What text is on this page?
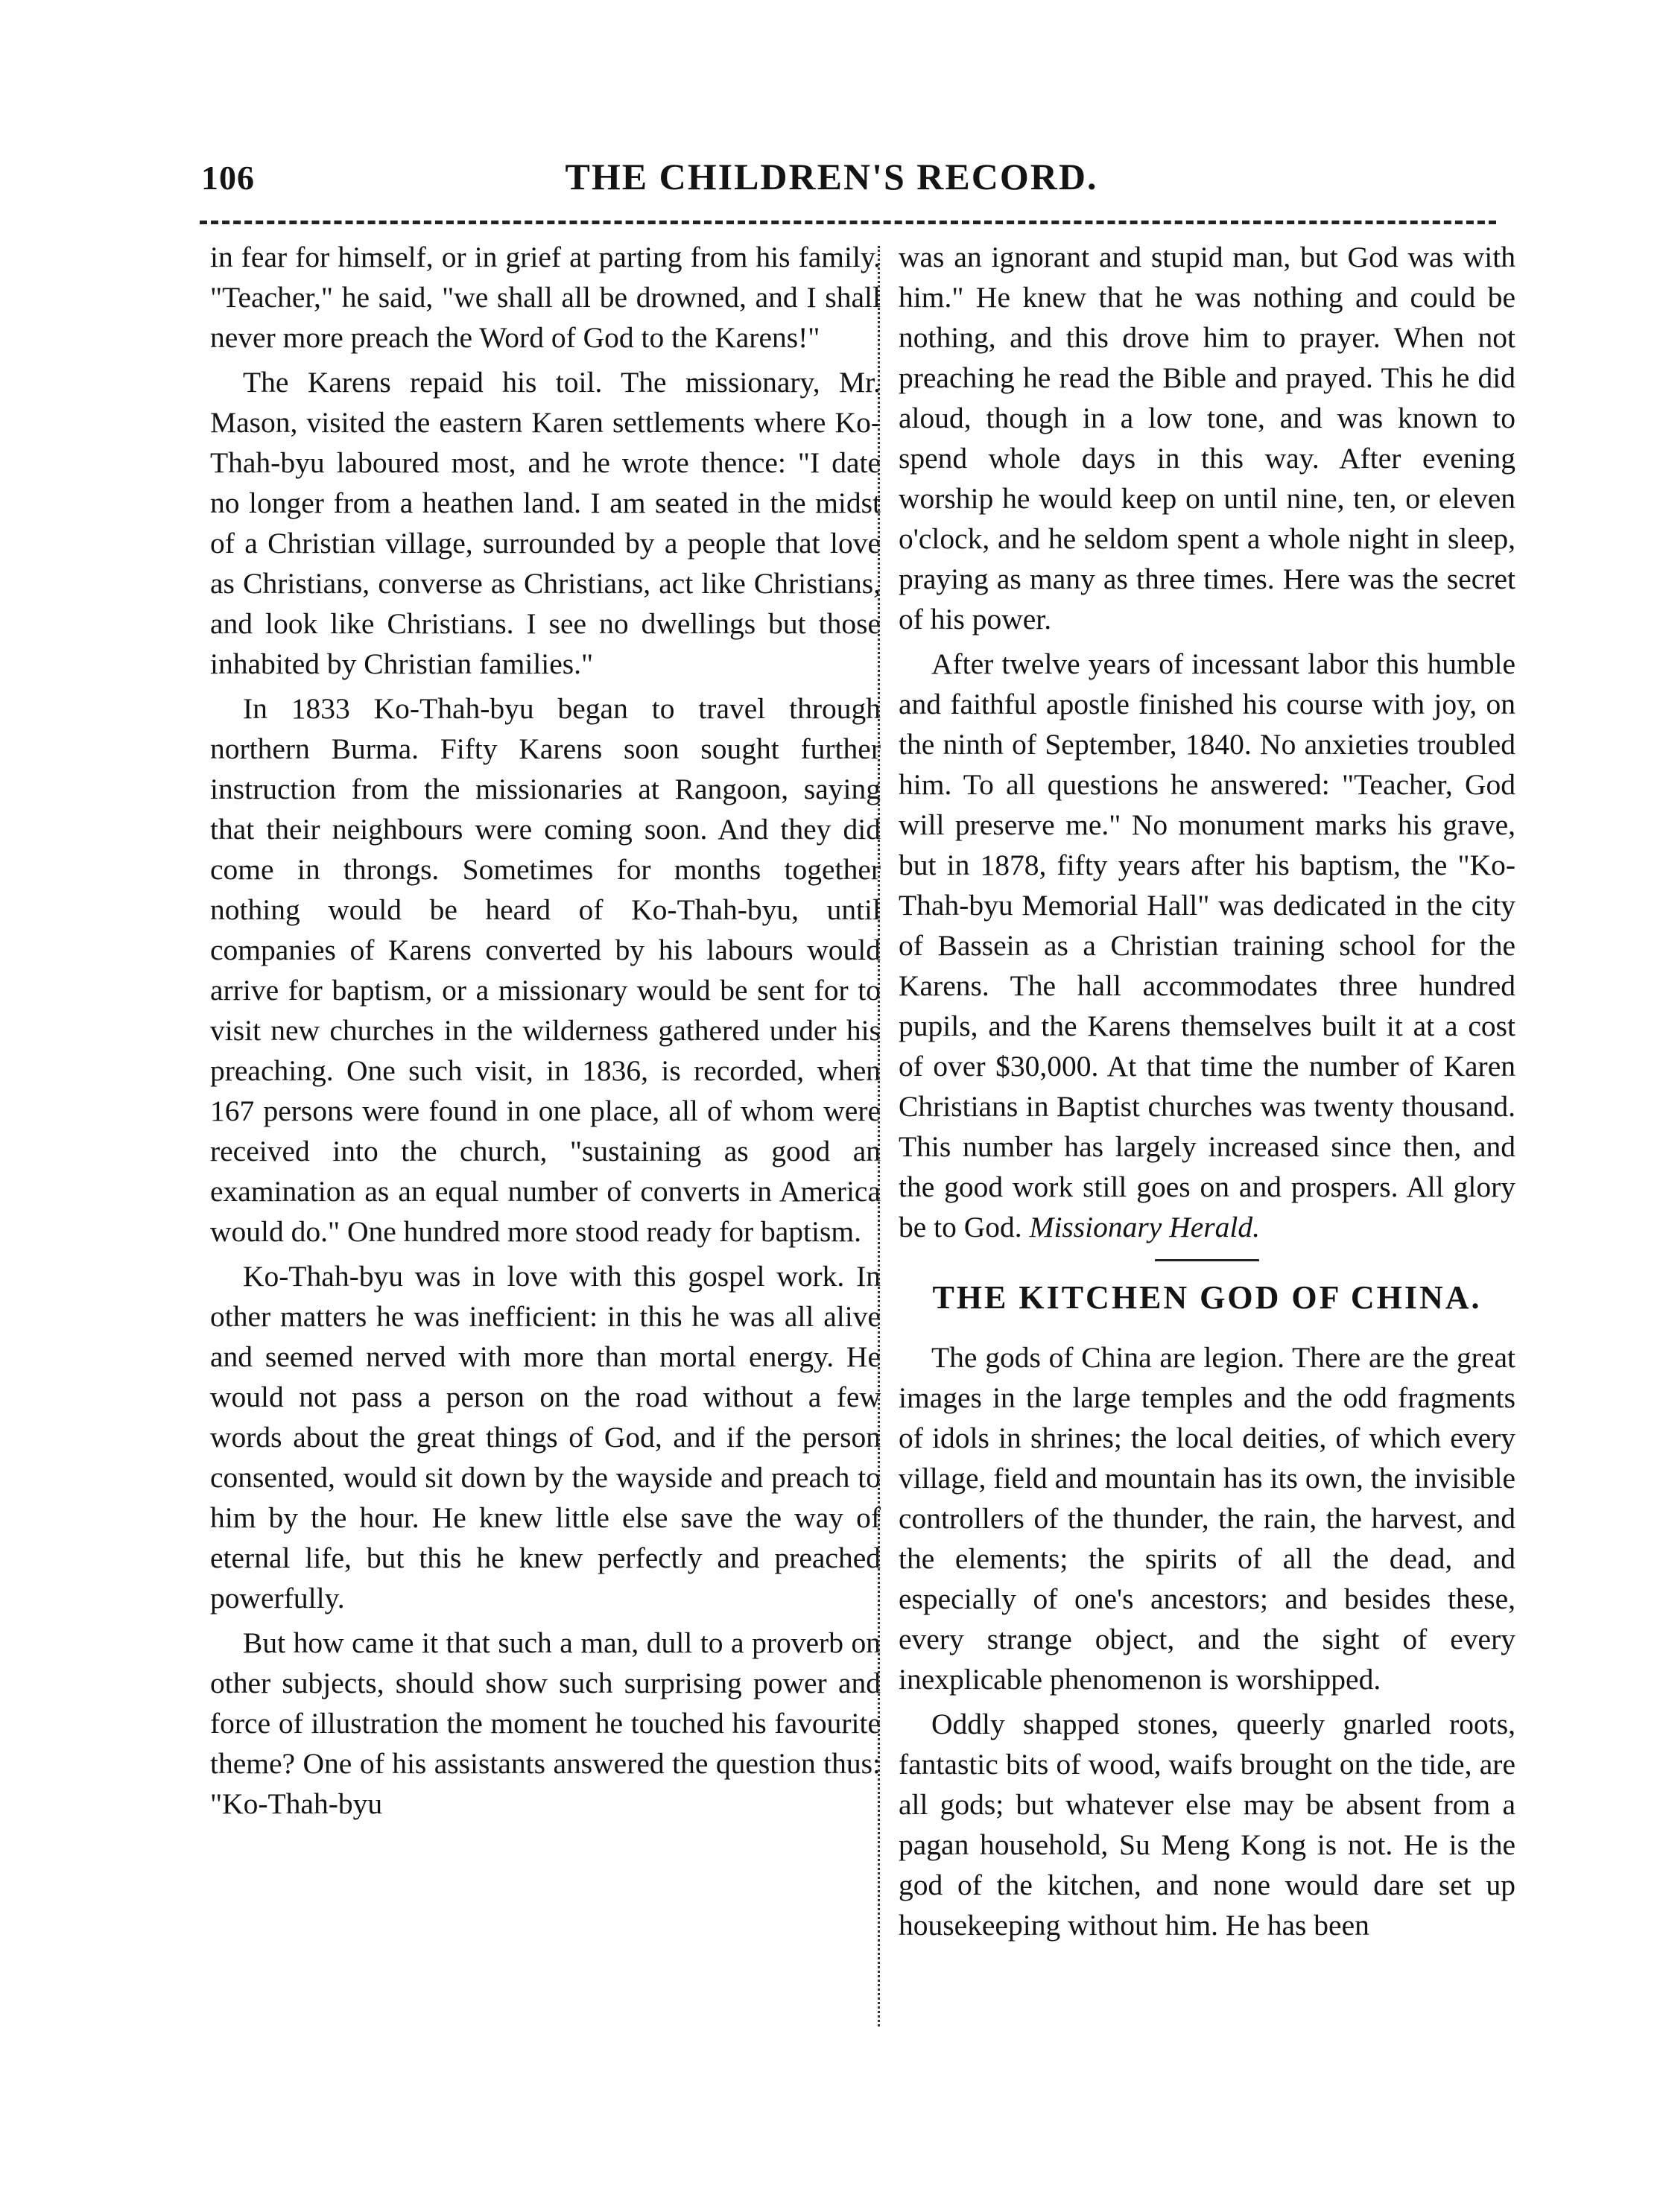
106	THE CHILDREN'S RECORD.

in fear for himself, or in grief at parting from his family. "Teacher," he said, "we shall all be drowned, and I shall never more preach the Word of God to the Karens!"

The Karens repaid his toil. The missionary, Mr. Mason, visited the eastern Karen settlements where Ko-Thah-byu laboured most, and he wrote thence: "I date no longer from a heathen land. I am seated in the midst of a Christian village, surrounded by a people that love as Christians, converse as Christians, act like Christians, and look like Christians. I see no dwellings but those inhabited by Christian families."

In 1833 Ko-Thah-byu began to travel through northern Burma. Fifty Karens soon sought further instruction from the missionaries at Rangoon, saying that their neighbours were coming soon. And they did come in throngs. Sometimes for months together nothing would be heard of Ko-Thah-byu, until companies of Karens converted by his labours would arrive for baptism, or a missionary would be sent for to visit new churches in the wilderness gathered under his preaching. One such visit, in 1836, is recorded, when 167 persons were found in one place, all of whom were received into the church, "sustaining as good an examination as an equal number of converts in America would do." One hundred more stood ready for baptism.

Ko-Thah-byu was in love with this gospel work. In other matters he was inefficient: in this he was all alive and seemed nerved with more than mortal energy. He would not pass a person on the road without a few words about the great things of God, and if the person consented, would sit down by the wayside and preach to him by the hour. He knew little else save the way of eternal life, but this he knew perfectly and preached powerfully.

But how came it that such a man, dull to a proverb on other subjects, should show such surprising power and force of illustration the moment he touched his favourite theme? One of his assistants answered the question thus: "Ko-Thah-byu

was an ignorant and stupid man, but God was with him." He knew that he was nothing and could be nothing, and this drove him to prayer. When not preaching he read the Bible and prayed. This he did aloud, though in a low tone, and was known to spend whole days in this way. After evening worship he would keep on until nine, ten, or eleven o'clock, and he seldom spent a whole night in sleep, praying as many as three times. Here was the secret of his power.

After twelve years of incessant labor this humble and faithful apostle finished his course with joy, on the ninth of September, 1840. No anxieties troubled him. To all questions he answered: "Teacher, God will preserve me." No monument marks his grave, but in 1878, fifty years after his baptism, the "Ko-Thah-byu Memorial Hall" was dedicated in the city of Bassein as a Christian training school for the Karens. The hall accommodates three hundred pupils, and the Karens themselves built it at a cost of over $30,000. At that time the number of Karen Christians in Baptist churches was twenty thousand. This number has largely increased since then, and the good work still goes on and prospers. All glory be to God. Missionary Herald.

THE KITCHEN GOD OF CHINA.

The gods of China are legion. There are the great images in the large temples and the odd fragments of idols in shrines; the local deities, of which every village, field and mountain has its own, the invisible controllers of the thunder, the rain, the harvest, and the elements; the spirits of all the dead, and especially of one's ancestors; and besides these, every strange object, and the sight of every inexplicable phenomenon is worshipped.

Oddly shapped stones, queerly gnarled roots, fantastic bits of wood, waifs brought on the tide, are all gods; but whatever else may be absent from a pagan household, Su Meng Kong is not. He is the god of the kitchen, and none would dare set up housekeeping without him. He has been
